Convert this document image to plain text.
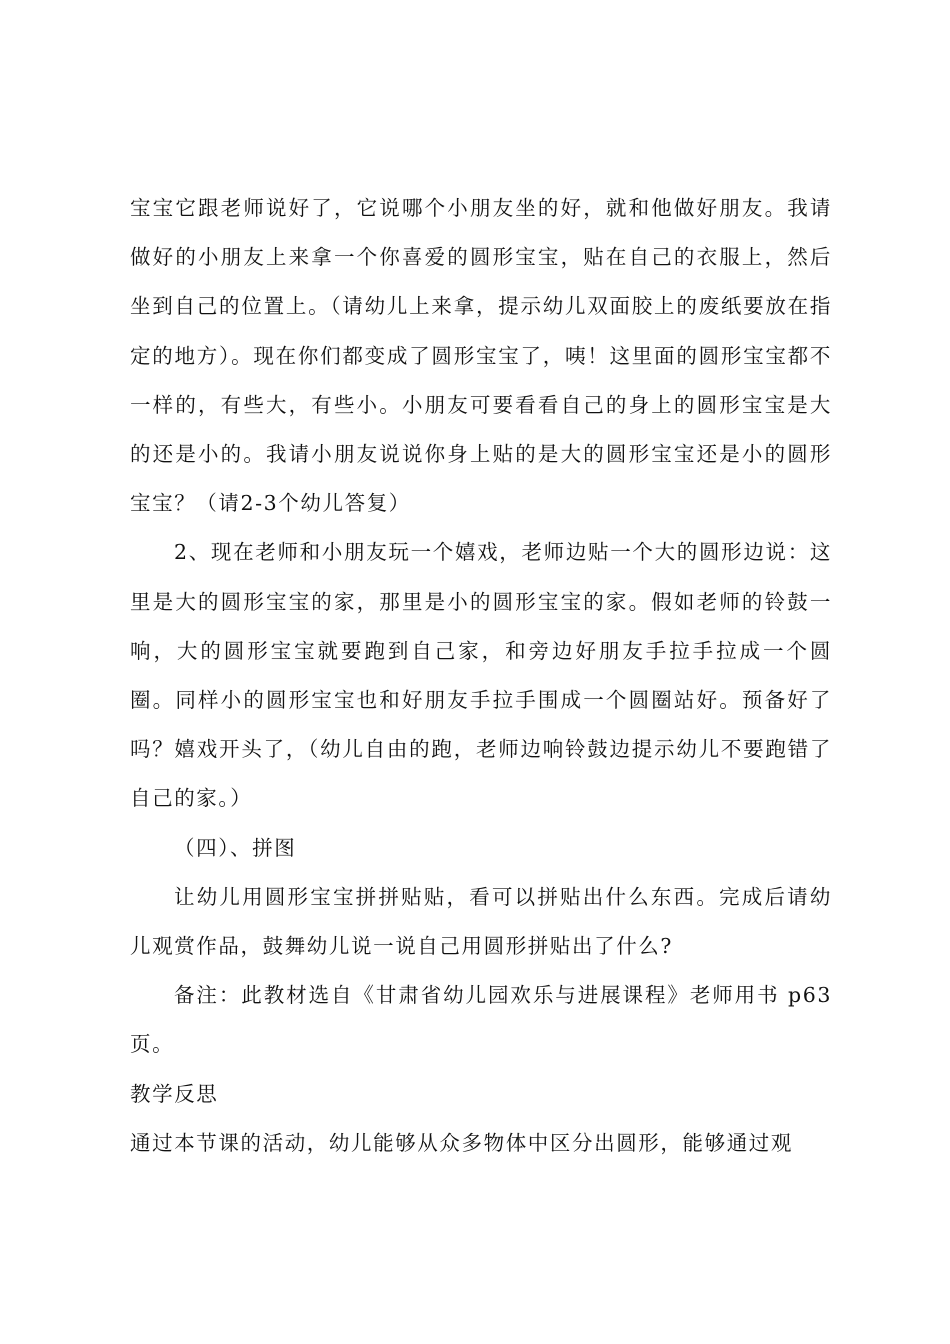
宝宝它跟老师说好了，它说哪个小朋友坐的好，就和他做好朋友。我请做好的小朋友上来拿一个你喜爱的圆形宝宝，贴在自己的衣服上，然后坐到自己的位置上。（请幼儿上来拿，提示幼儿双面胶上的废纸要放在指定的地方）。现在你们都变成了圆形宝宝了，咦！这里面的圆形宝宝都不一样的，有些大，有些小。小朋友可要看看自己的身上的圆形宝宝是大的还是小的。我请小朋友说说你身上贴的是大的圆形宝宝还是小的圆形宝宝？（请2-3个幼儿答复）

2、现在老师和小朋友玩一个嬉戏，老师边贴一个大的圆形边说：这里是大的圆形宝宝的家，那里是小的圆形宝宝的家。假如老师的铃鼓一响，大的圆形宝宝就要跑到自己家，和旁边好朋友手拉手拉成一个圆圈。同样小的圆形宝宝也和好朋友手拉手围成一个圆圈站好。预备好了吗？嬉戏开头了，（幼儿自由的跑，老师边响铃鼓边提示幼儿不要跑错了自己的家。）

（四）、拼图

让幼儿用圆形宝宝拼拼贴贴，看可以拼贴出什么东西。完成后请幼儿观赏作品，鼓舞幼儿说一说自己用圆形拼贴出了什么?

备注：此教材选自《甘肃省幼儿园欢乐与进展课程》老师用书 p63页。

教学反思

通过本节课的活动，幼儿能够从众多物体中区分出圆形，能够通过观
